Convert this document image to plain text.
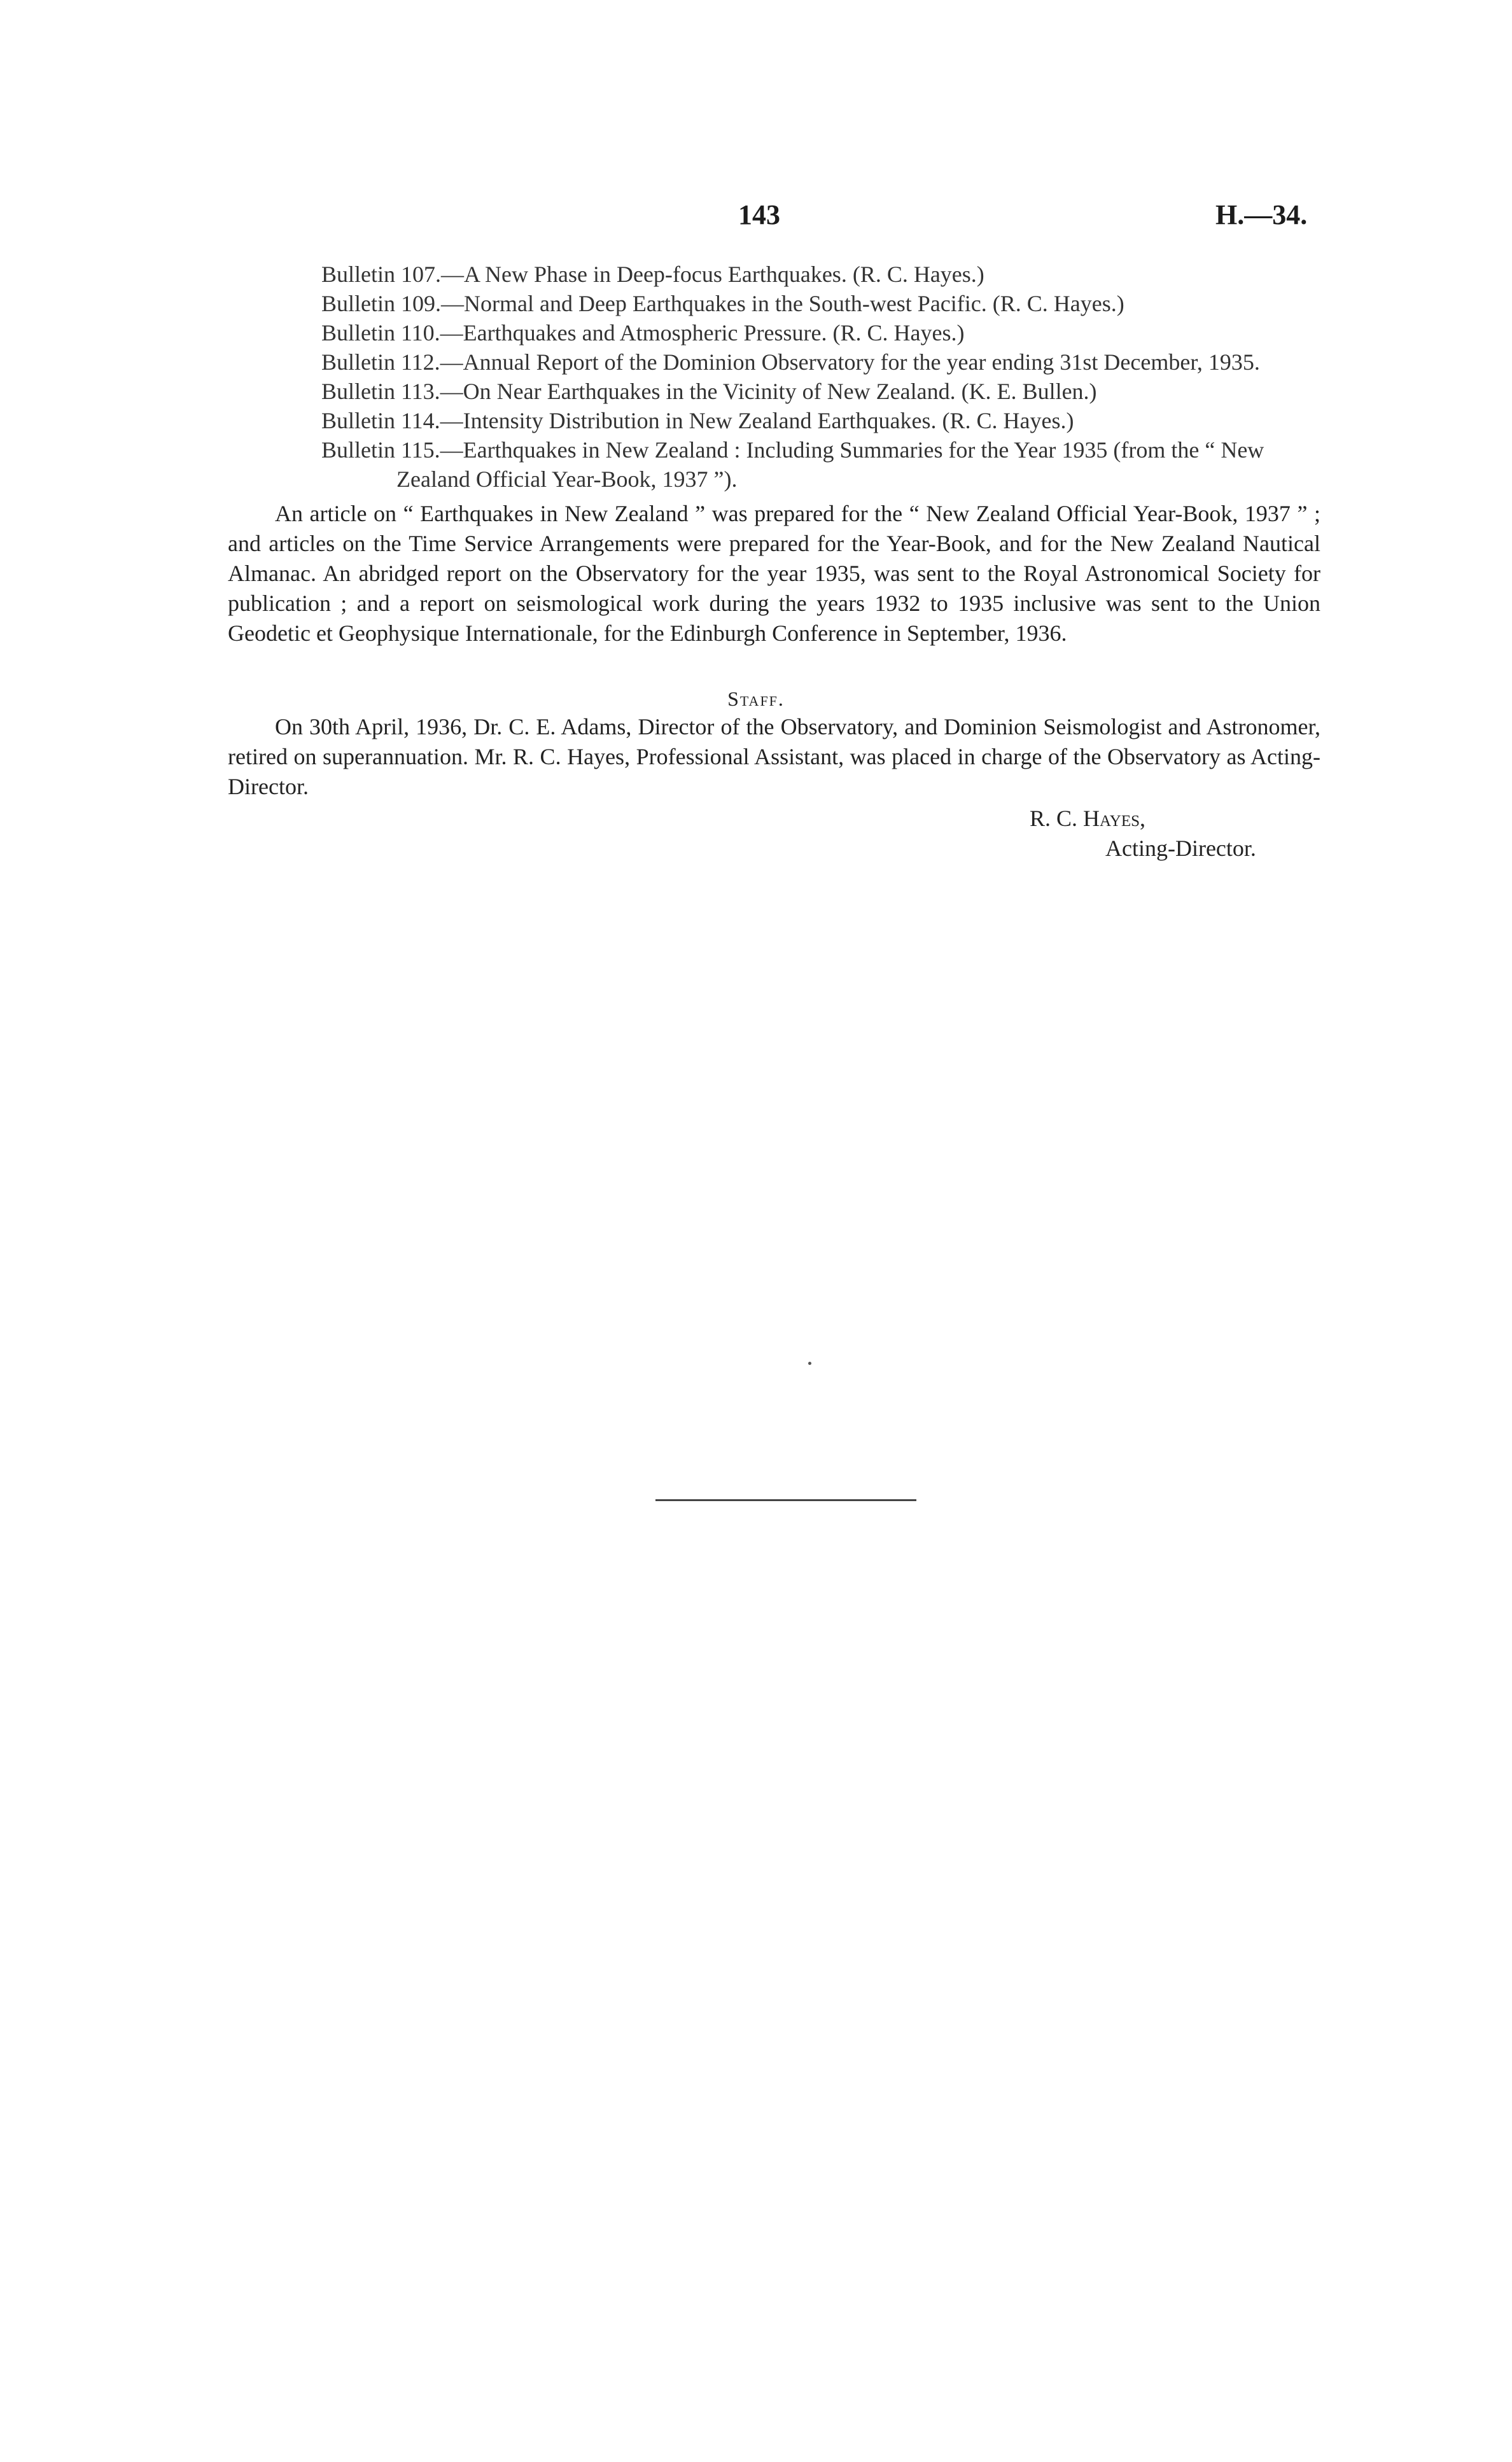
143	H.—34.
Bulletin 107.—A New Phase in Deep-focus Earthquakes. (R. C. Hayes.)
Bulletin 109.—Normal and Deep Earthquakes in the South-west Pacific. (R. C. Hayes.)
Bulletin 110.—Earthquakes and Atmospheric Pressure. (R. C. Hayes.)
Bulletin 112.—Annual Report of the Dominion Observatory for the year ending 31st December, 1935.
Bulletin 113.—On Near Earthquakes in the Vicinity of New Zealand. (K. E. Bullen.)
Bulletin 114.—Intensity Distribution in New Zealand Earthquakes. (R. C. Hayes.)
Bulletin 115.—Earthquakes in New Zealand : Including Summaries for the Year 1935 (from the “ New Zealand Official Year-Book, 1937 ”).

An article on “ Earthquakes in New Zealand ” was prepared for the “ New Zealand Official Year-Book, 1937 ” ; and articles on the Time Service Arrangements were prepared for the Year-Book, and for the New Zealand Nautical Almanac. An abridged report on the Observatory for the year 1935, was sent to the Royal Astronomical Society for publication ; and a report on seismological work during the years 1932 to 1935 inclusive was sent to the Union Geodetic et Geophysique Internationale, for the Edinburgh Conference in September, 1936.

Staff.

On 30th April, 1936, Dr. C. E. Adams, Director of the Observatory, and Dominion Seismologist and Astronomer, retired on superannuation. Mr. R. C. Hayes, Professional Assistant, was placed in charge of the Observatory as Acting-Director.

R. C. Hayes,
Acting-Director.
